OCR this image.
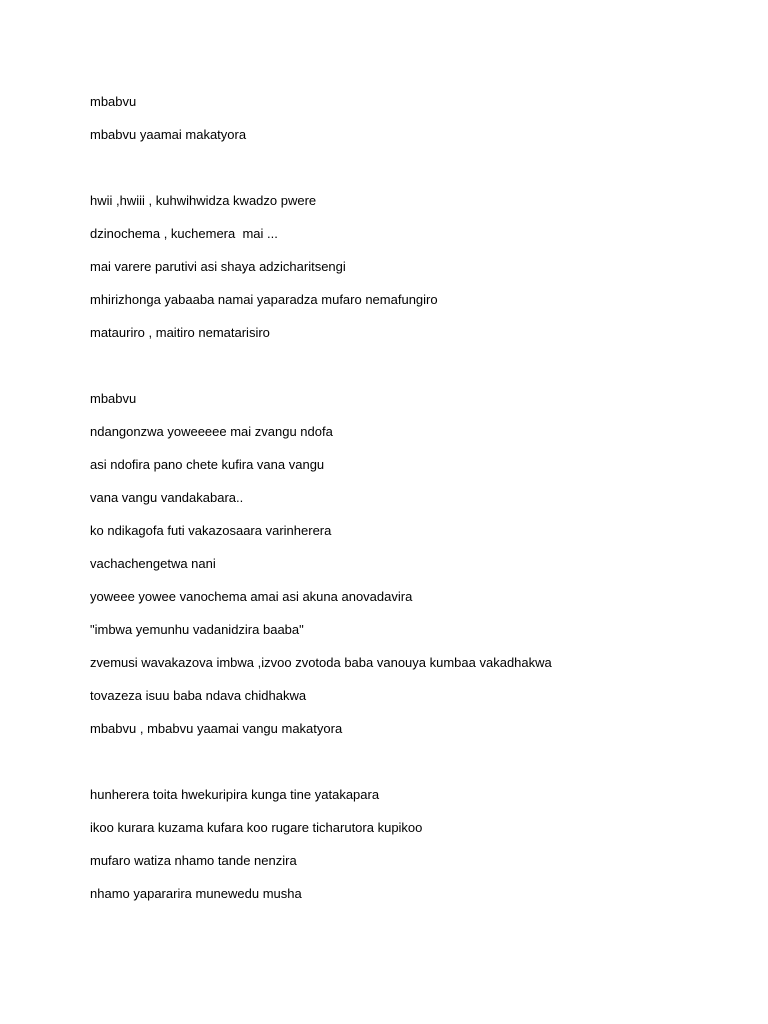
mbabvu
mbabvu yaamai makatyora
hwii ,hwiii , kuhwihwidza kwadzo pwere
dzinochema , kuchemera  mai ...
mai varere parutivi asi shaya adzicharitsengi
mhirizhonga yabaaba namai yaparadza mufaro nemafungiro
matauriro , maitiro nematarisiro
mbabvu
ndangonzwa yoweeeee mai zvangu ndofa
asi ndofira pano chete kufira vana vangu
vana vangu vandakabara..
ko ndikagofa futi vakazosaara varinherera
vachachengetwa nani
yoweee yowee vanochema amai asi akuna anovadavira
"imbwa yemunhu vadanidzira baaba"
zvemusi wavakazova imbwa ,izvoo zvotoda baba vanouya kumbaa vakadhakwa
tovazeza isuu baba ndava chidhakwa
mbabvu , mbabvu yaamai vangu makatyora
hunherera toita hwekuripira kunga tine yatakapara
ikoo kurara kuzama kufara koo rugare ticharutora kupikoo
mufaro watiza nhamo tande nenzira
nhamo yapararira munewedu musha
